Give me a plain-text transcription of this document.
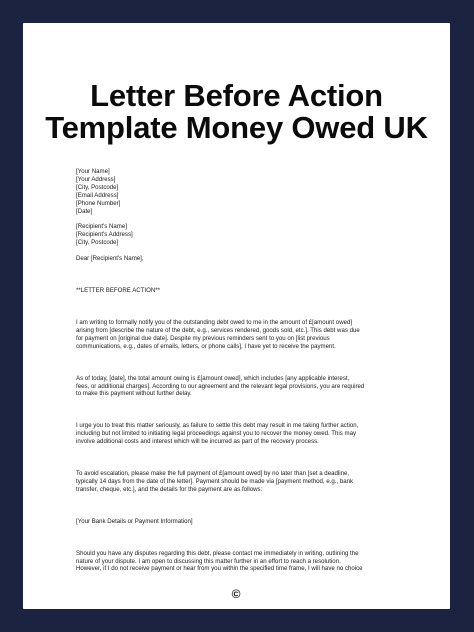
Letter Before Action
Template Money Owed UK
[Your Name]
[Your Address]
[City, Postcode]
[Email Address]
[Phone Number]
[Date]
[Recipient's Name]
[Recipient's Address]
[City, Postcode]
Dear [Recipient's Name],
**LETTER BEFORE ACTION**
I am writing to formally notify you of the outstanding debt owed to me in the amount of £[amount owed]
arising from [describe the nature of the debt, e.g., services rendered, goods sold, etc.]. This debt was due
for payment on [original due date]. Despite my previous reminders sent to you on [list previous
communications, e.g., dates of emails, letters, or phone calls], I have yet to receive the payment.
As of today, [date], the total amount owing is £[amount owed], which includes [any applicable interest,
fees, or additional charges]. According to our agreement and the relevant legal provisions, you are required
to make this payment without further delay.
I urge you to treat this matter seriously, as failure to settle this debt may result in me taking further action,
including but not limited to initiating legal proceedings against you to recover the money owed. This may
involve additional costs and interest which will be incurred as part of the recovery process.
To avoid escalation, please make the full payment of £[amount owed] by no later than [set a deadline,
typically 14 days from the date of the letter]. Payment should be made via [payment method, e.g., bank
transfer, cheque, etc.], and the details for the payment are as follows:
[Your Bank Details or Payment Information]
Should you have any disputes regarding this debt, please contact me immediately in writing, outlining the
nature of your dispute. I am open to discussing this matter further in an effort to reach a resolution.
However, if I do not receive payment or hear from you within the specified time frame, I will have no choice
©
